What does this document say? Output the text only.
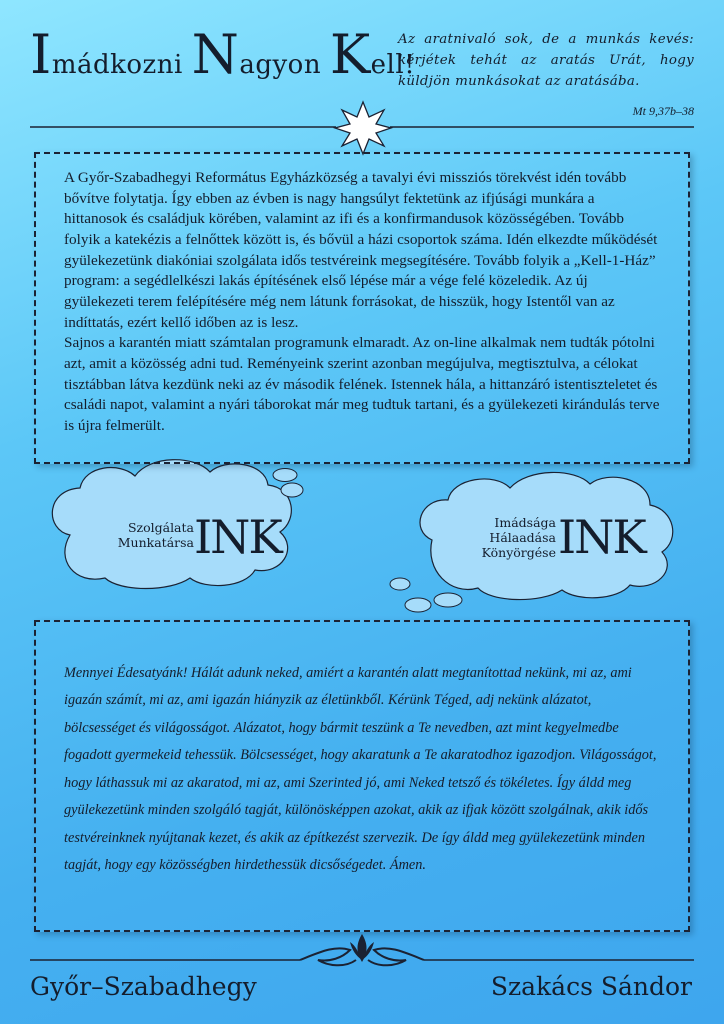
Imádkozni Nagyon Kell!
Az aratnivaló sok, de a munkás kevés: kérjétek tehát az aratás Urát, hogy küldjön munkásokat az aratásába.
Mt 9,37b–38

A Győr-Szabadhegyi Református Egyházközség a tavalyi évi missziós törekvést idén tovább bővítve folytatja. Így ebben az évben is nagy hangsúlyt fektetünk az ifjúsági munkára a hittanosok és családjuk körében, valamint az ifi és a konfirmandusok közösségében. Tovább folyik a katekézis a felnőttek között is, és bővül a házi csoportok száma. Idén elkezdte működését gyülekezetünk diakóniai szolgálata idős testvéreink megsegítésére. Tovább folyik a „Kell-1-Ház” program: a segédlelkészi lakás építésének első lépése már a vége felé közeledik. Az új gyülekezeti terem felépítésére még nem látunk forrásokat, de hisszük, hogy Istentől van az indíttatás, ezért kellő időben az is lesz.

Sajnos a karantén miatt számtalan programunk elmaradt. Az on-line alkalmak nem tudták pótolni azt, amit a közösség adni tud. Reményeink szerint azonban megújulva, megtisztulva, a célokat tisztábban látva kezdünk neki az év második felének. Istennek hála, a hittanzáró istentiszteletet és családi napot, valamint a nyári táborokat már meg tudtuk tartani, és a gyülekezeti kirándulás terve is újra felmerült.

Szolgálata
Munkatársa INK	Imádsága
Hálaadása
Könyörgése INK

Mennyei Édesatyánk! Hálát adunk neked, amiért a karantén alatt megtanítottad nekünk, mi az, ami igazán számít, mi az, ami igazán hiányzik az életünkből. Kérünk Téged, adj nekünk alázatot, bölcsességet és világosságot. Alázatot, hogy bármit teszünk a Te nevedben, azt mint kegyelmedbe fogadott gyermekeid tehessük. Bölcsességet, hogy akaratunk a Te akaratodhoz igazodjon. Világosságot, hogy láthassuk mi az akaratod, mi az, ami Szerinted jó, ami Neked tetsző és tökéletes. Így áldd meg gyülekezetünk minden szolgáló tagját, különösképpen azokat, akik az ifjak között szolgálnak, akik idős testvéreinknek nyújtanak kezet, és akik az építkezést szervezik. De így áldd meg gyülekezetünk minden tagját, hogy egy közösségben hirdethessük dicsőségedet. Ámen.

Győr–Szabadhegy	Szakács Sándor
